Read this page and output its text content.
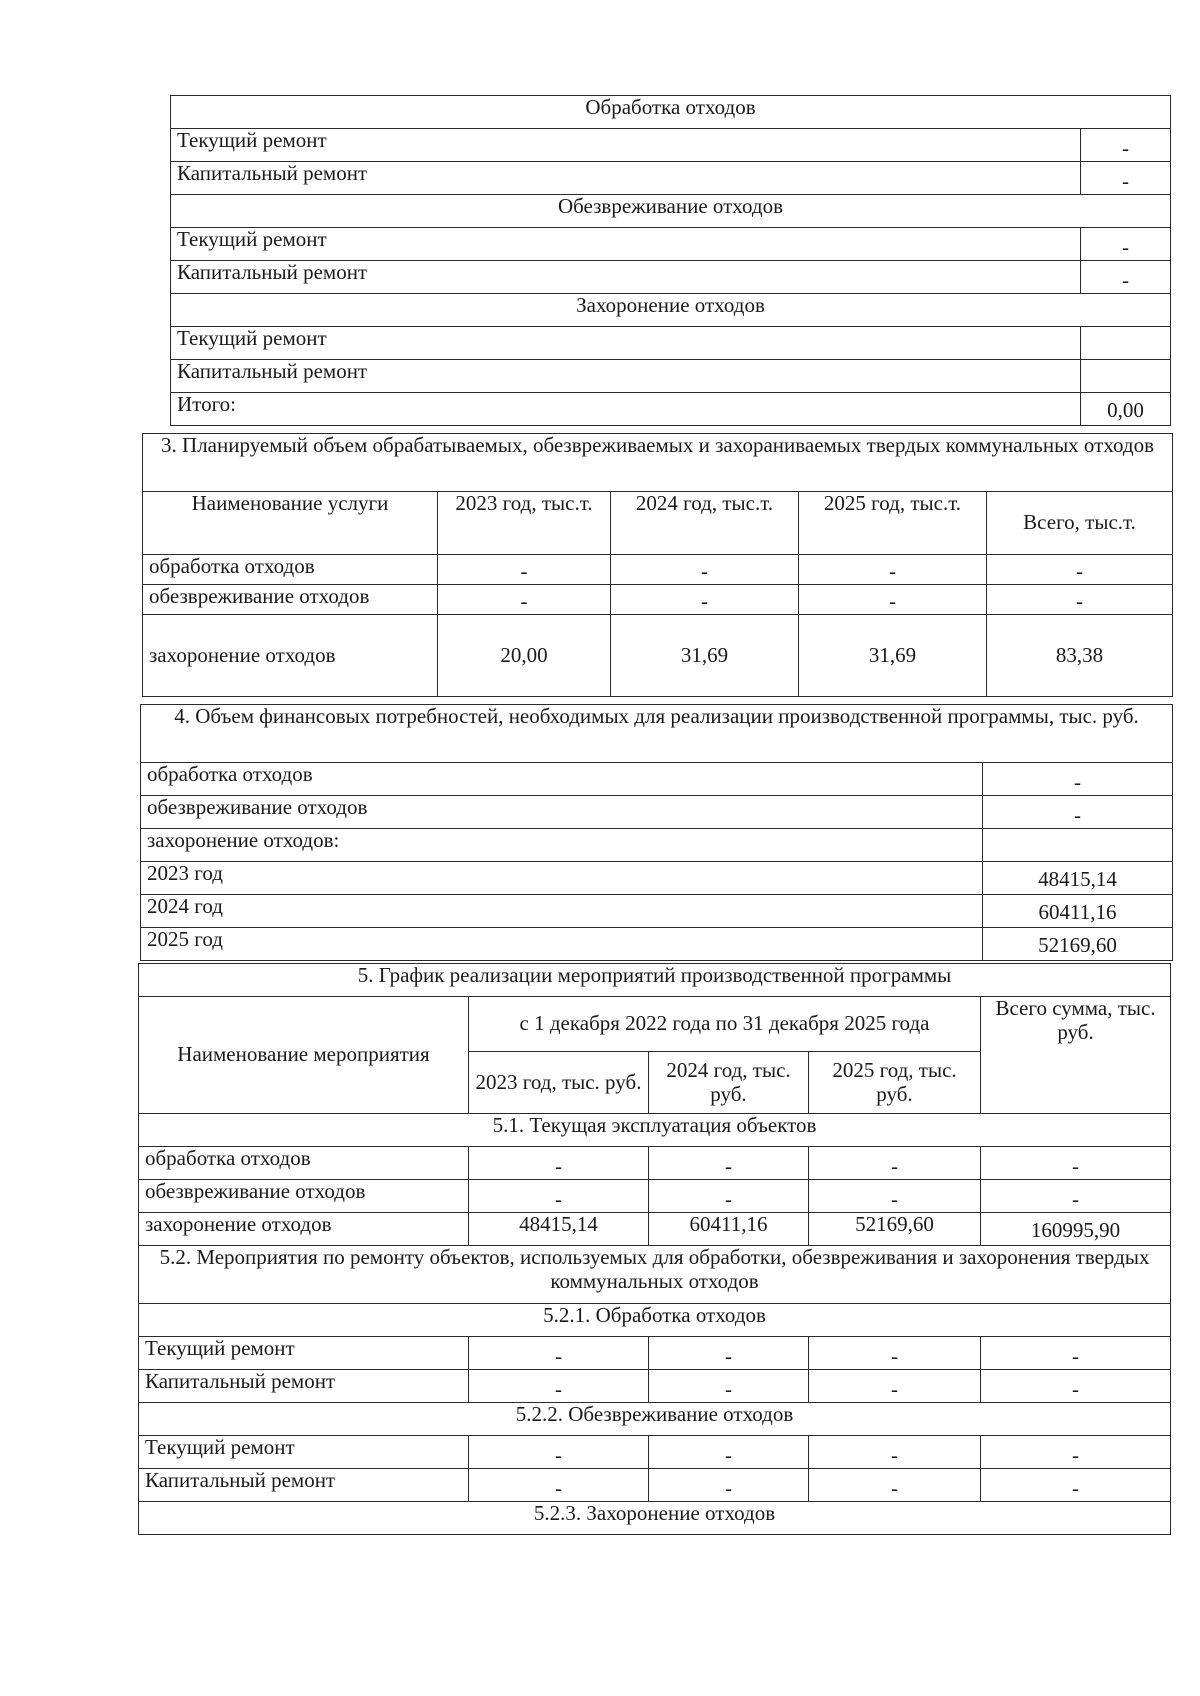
Обработка отходов	
Текущий ремонт	-
Капитальный ремонт	-
Обезвреживание отходов	
Текущий ремонт	-
Капитальный ремонт	-
Захоронение отходов	
Текущий ремонт	
Капитальный ремонт	
Итого:	0,00
3. Планируемый объем обрабатываемых, обезвреживаемых и захораниваемых твердых коммунальных отходов				
Наименование услуги	2023 год, тыс.т.	2024 год, тыс.т.	2025 год, тыс.т.	Всего, тыс.т.
обработка отходов	-	-	-	-
обезвреживание отходов	-	-	-	-
захоронение отходов	20,00	31,69	31,69	83,38
4. Объем финансовых потребностей, необходимых для реализации производственной программы, тыс. руб.	
обработка отходов	-
обезвреживание отходов	-
захоронение отходов:	
2023 год	48415,14
2024 год	60411,16
2025 год	52169,60
5. График реализации мероприятий производственной программы				
Наименование мероприятия	с 1 декабря 2022 года по 31 декабря 2025 года			Всего сумма, тыс. руб.
	2023 год, тыс. руб.	2024 год, тыс. руб.	2025 год, тыс. руб.	
5.1. Текущая эксплуатация объектов				
обработка отходов	-	-	-	-
обезвреживание отходов	-	-	-	-
захоронение отходов	48415,14	60411,16	52169,60	160995,90
5.2. Мероприятия по ремонту объектов, используемых для обработки, обезвреживания и захоронения твердых коммунальных отходов				
5.2.1. Обработка отходов				
Текущий ремонт	-	-	-	-
Капитальный ремонт	-	-	-	-
5.2.2. Обезвреживание отходов				
Текущий ремонт	-	-	-	-
Капитальный ремонт	-	-	-	-
5.2.3. Захоронение отходов				
